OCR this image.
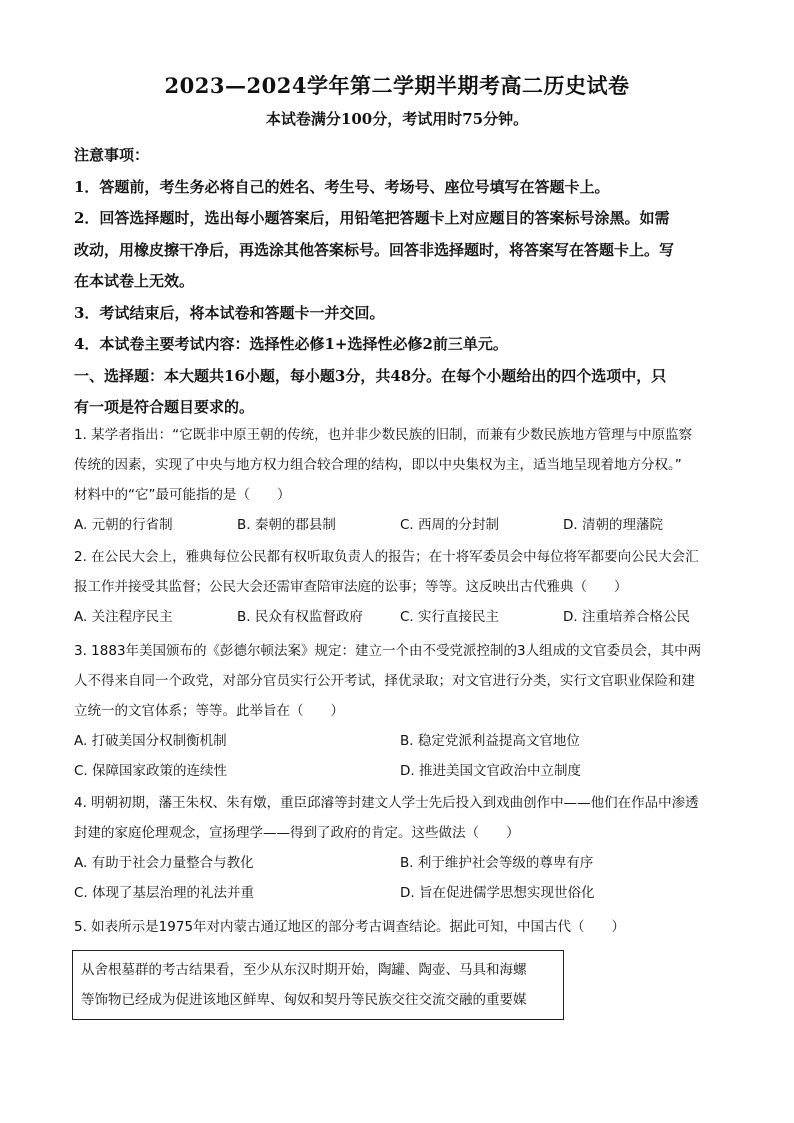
2023—2024学年第二学期半期考高二历史试卷
本试卷满分100分，考试用时75分钟。

注意事项：

1．答题前，考生务必将自己的姓名、考生号、考场号、座位号填写在答题卡上。

2．回答选择题时，选出每小题答案后，用铅笔把答题卡上对应题目的答案标号涂黑。如需

改动，用橡皮擦干净后，再选涂其他答案标号。回答非选择题时，将答案写在答题卡上。写

在本试卷上无效。

3．考试结束后，将本试卷和答题卡一并交回。

4．本试卷主要考试内容：选择性必修1+选择性必修2前三单元。

一、选择题：本大题共16小题，每小题3分，共48分。在每个小题给出的四个选项中，只

有一项是符合题目要求的。

1. 某学者指出：“它既非中原王朝的传统，也并非少数民族的旧制，而兼有少数民族地方管理与中原监察

传统的因素，实现了中央与地方权力组合较合理的结构，即以中央集权为主，适当地呈现着地方分权。”

材料中的“它”最可能指的是（　　）

A. 元朝的行省制	B. 秦朝的郡县制	C. 西周的分封制	D. 清朝的理藩院

2. 在公民大会上，雅典每位公民都有权听取负责人的报告；在十将军委员会中每位将军都要向公民大会汇

报工作并接受其监督；公民大会还需审查陪审法庭的讼事；等等。这反映出古代雅典（　　）

A. 关注程序民主	B. 民众有权监督政府	C. 实行直接民主	D. 注重培养合格公民

3. 1883年美国颁布的《彭德尔顿法案》规定：建立一个由不受党派控制的3人组成的文官委员会，其中两

人不得来自同一个政党，对部分官员实行公开考试，择优录取；对文官进行分类，实行文官职业保险和建

立统一的文官体系；等等。此举旨在（　　）

A. 打破美国分权制衡机制	B. 稳定党派利益提高文官地位
C. 保障国家政策的连续性	D. 推进美国文官政治中立制度

4. 明朝初期，藩王朱权、朱有燉，重臣邱濬等封建文人学士先后投入到戏曲创作中——他们在作品中渗透

封建的家庭伦理观念，宣扬理学——得到了政府的肯定。这些做法（　　）

A. 有助于社会力量整合与教化	B. 利于维护社会等级的尊卑有序
C. 体现了基层治理的礼法并重	D. 旨在促进儒学思想实现世俗化

5. 如表所示是1975年对内蒙古通辽地区的部分考古调查结论。据此可知，中国古代（　　）

从舍根墓群的考古结果看，至少从东汉时期开始，陶罐、陶壶、马具和海螺
等饰物已经成为促进该地区鲜卑、匈奴和契丹等民族交往交流交融的重要媒
